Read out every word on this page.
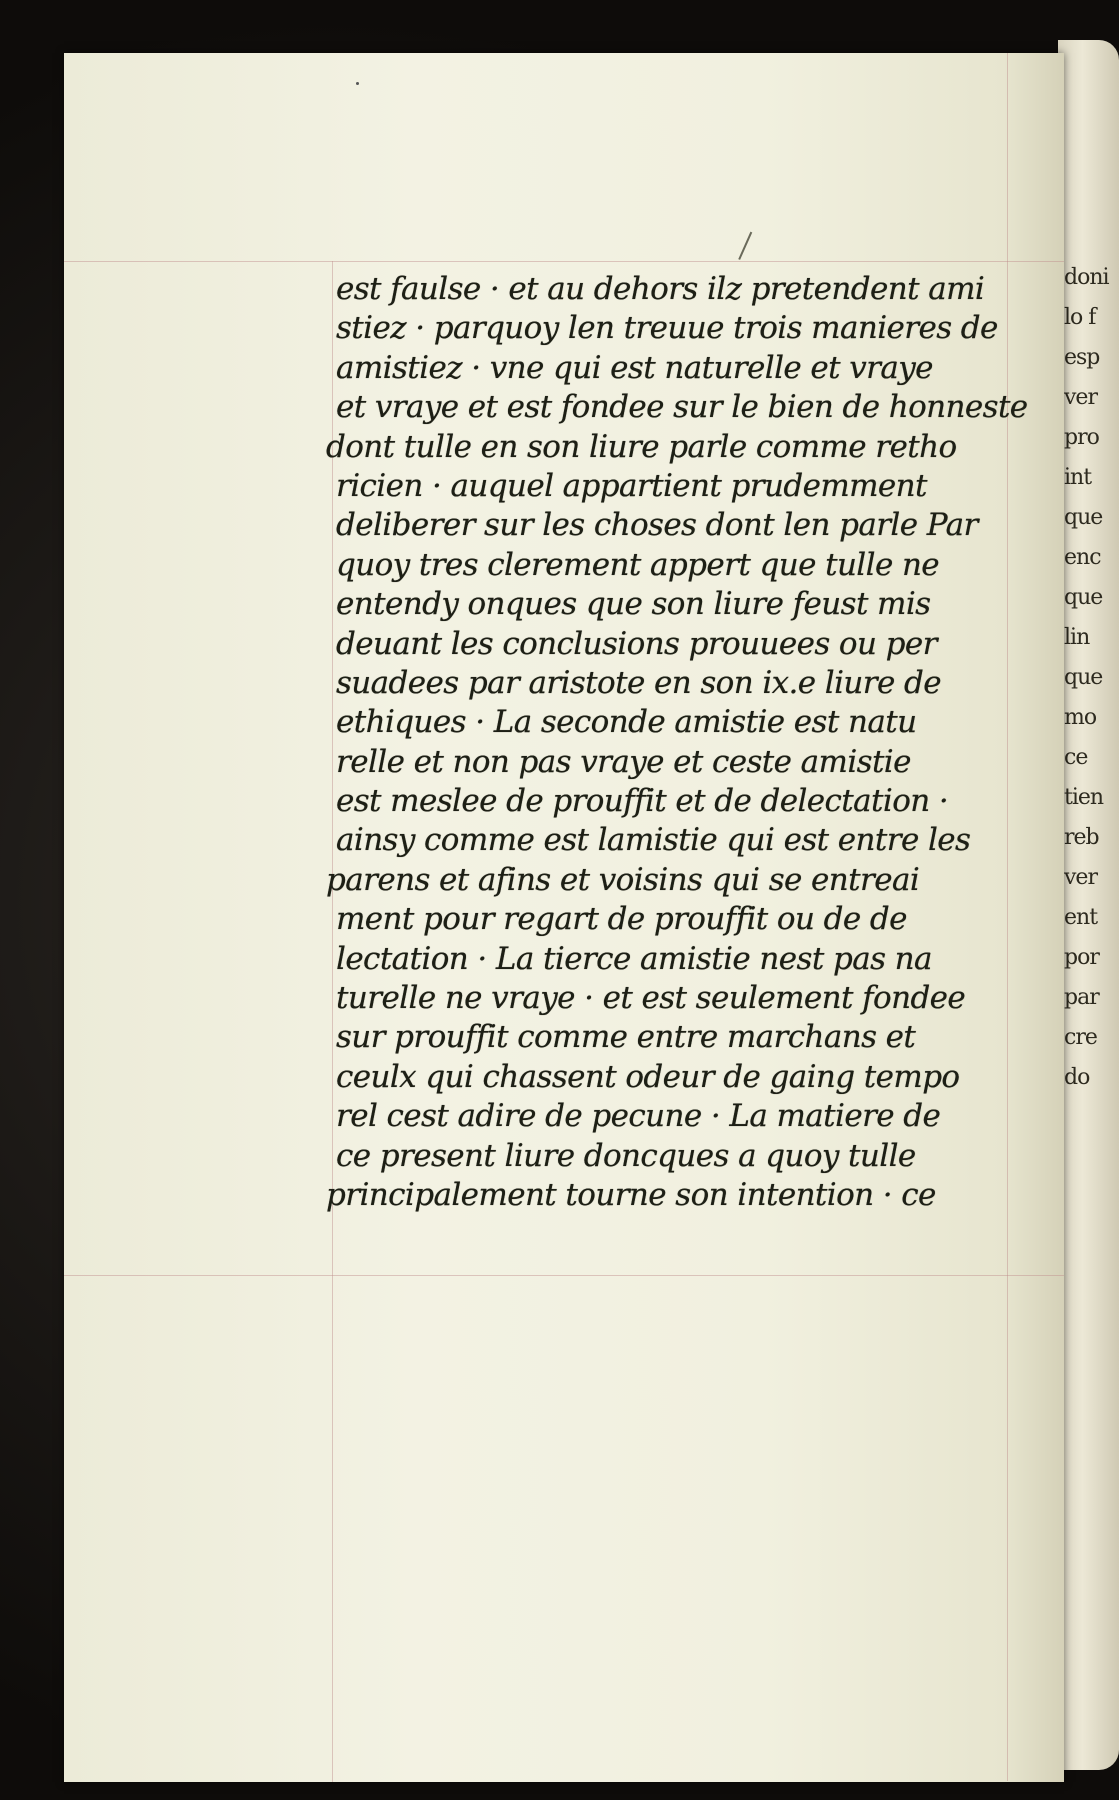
doni
lo f
esp
ver
pro
int
que
enc
que
lin
que
mo
ce
tien
reb
ver
ent
por
par
cre
do
est faulse · et au dehors ilz pretendent ami
stiez · parquoy len treuue trois manieres de
amistiez · vne qui est naturelle et vraye
et vraye et est fondee sur le bien de honneste
dont tulle en son liure parle comme retho
ricien · auquel appartient prudemment
deliberer sur les choses dont len parle Par
quoy tres clerement appert que tulle ne
entendy onques que son liure feust mis
deuant les conclusions prouuees ou per
suadees par aristote en son ix.e liure de
ethiques · La seconde amistie est natu
relle et non pas vraye et ceste amistie
est meslee de prouffit et de delectation ·
ainsy comme est lamistie qui est entre les
parens et afins et voisins qui se entreai
ment pour regart de prouffit ou de de
lectation · La tierce amistie nest pas na
turelle ne vraye · et est seulement fondee
sur prouffit comme entre marchans et
ceulx qui chassent odeur de gaing tempo
rel cest adire de pecune · La matiere de
ce present liure doncques a quoy tulle
principalement tourne son intention · ce
